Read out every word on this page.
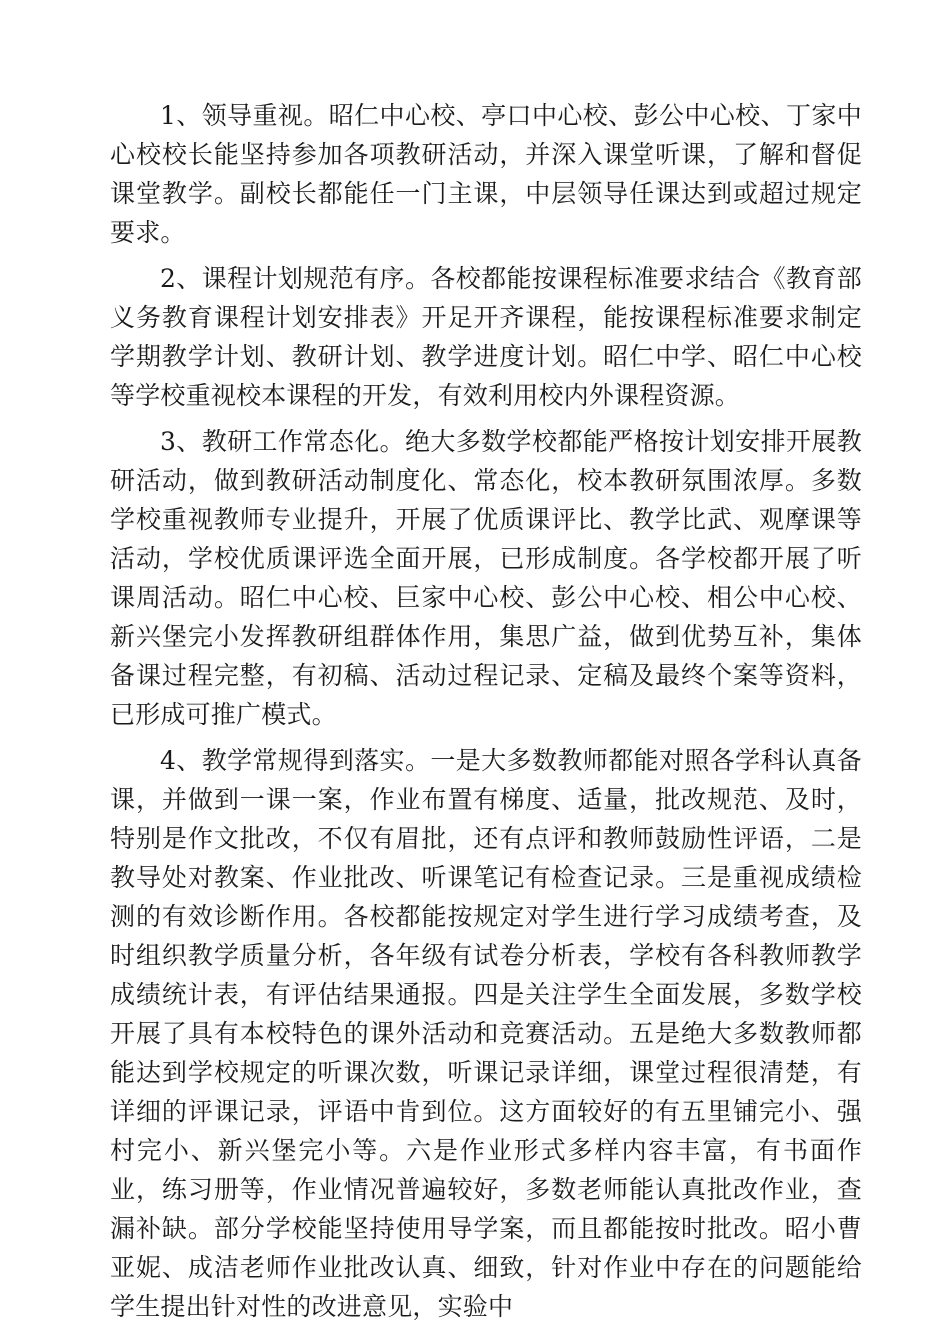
1、领导重视。昭仁中心校、亭口中心校、彭公中心校、丁家中心校校长能坚持参加各项教研活动，并深入课堂听课，了解和督促课堂教学。副校长都能任一门主课，中层领导任课达到或超过规定要求。

2、课程计划规范有序。各校都能按课程标准要求结合《教育部义务教育课程计划安排表》开足开齐课程，能按课程标准要求制定学期教学计划、教研计划、教学进度计划。昭仁中学、昭仁中心校等学校重视校本课程的开发，有效利用校内外课程资源。

3、教研工作常态化。绝大多数学校都能严格按计划安排开展教研活动，做到教研活动制度化、常态化，校本教研氛围浓厚。多数学校重视教师专业提升，开展了优质课评比、教学比武、观摩课等活动，学校优质课评选全面开展，已形成制度。各学校都开展了听课周活动。昭仁中心校、巨家中心校、彭公中心校、相公中心校、新兴堡完小发挥教研组群体作用，集思广益，做到优势互补，集体备课过程完整，有初稿、活动过程记录、定稿及最终个案等资料，已形成可推广模式。

4、教学常规得到落实。一是大多数教师都能对照各学科认真备课，并做到一课一案，作业布置有梯度、适量，批改规范、及时，特别是作文批改，不仅有眉批，还有点评和教师鼓励性评语，二是教导处对教案、作业批改、听课笔记有检查记录。三是重视成绩检测的有效诊断作用。各校都能按规定对学生进行学习成绩考查，及时组织教学质量分析，各年级有试卷分析表，学校有各科教师教学成绩统计表，有评估结果通报。四是关注学生全面发展，多数学校开展了具有本校特色的课外活动和竞赛活动。五是绝大多数教师都能达到学校规定的听课次数，听课记录详细，课堂过程很清楚，有详细的评课记录，评语中肯到位。这方面较好的有五里铺完小、强村完小、新兴堡完小等。六是作业形式多样内容丰富，有书面作业，练习册等，作业情况普遍较好，多数老师能认真批改作业，查漏补缺。部分学校能坚持使用导学案，而且都能按时批改。昭小曹亚妮、成洁老师作业批改认真、细致，针对作业中存在的问题能给学生提出针对性的改进意见，实验中
